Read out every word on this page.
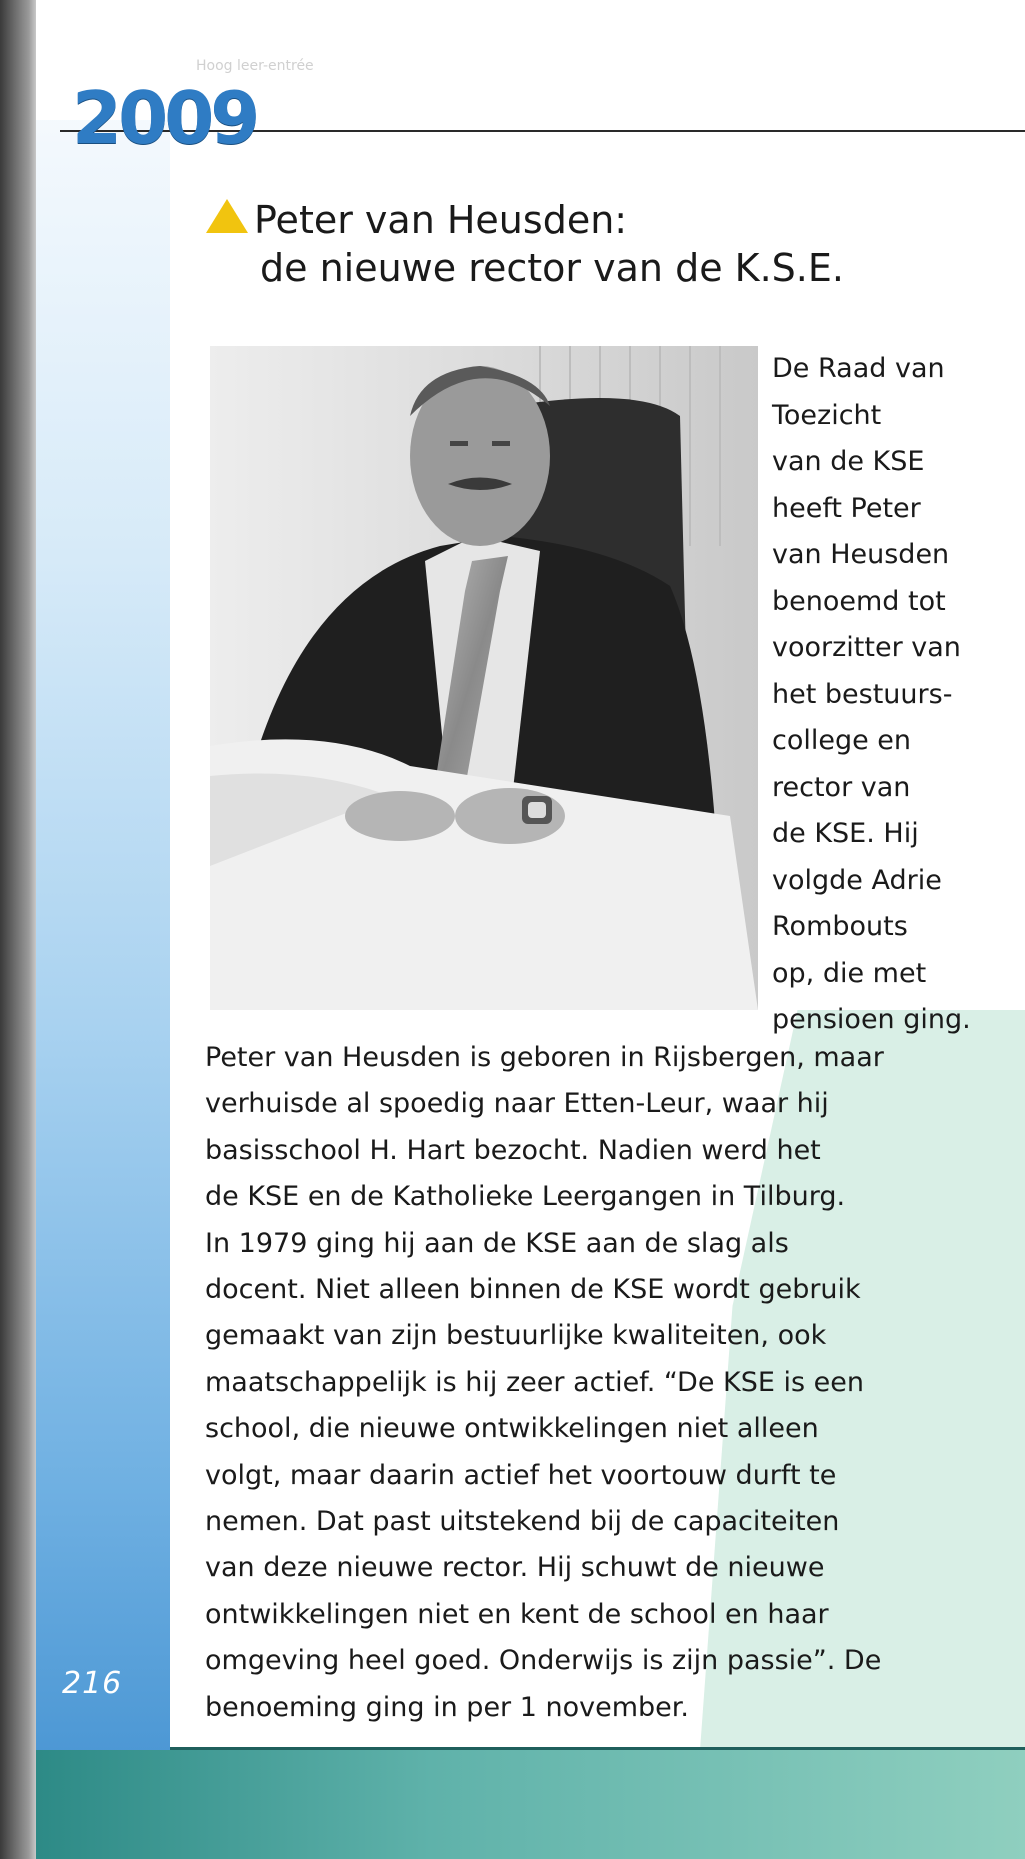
Hoog leer-entrée
2009
Peter van Heusden:
de nieuwe rector van de K.S.E.
De Raad van
Toezicht
van de KSE
heeft Peter
van Heusden
benoemd tot
voorzitter van
het bestuurs-
college en
rector van
de KSE. Hij
volgde Adrie
Rombouts
op, die met
pensioen ging.
Peter van Heusden is geboren in Rijsbergen, maar
verhuisde al spoedig naar Etten-Leur, waar hij
basisschool H. Hart bezocht. Nadien werd het
de KSE en de Katholieke Leergangen in Tilburg.
In 1979 ging hij aan de KSE aan de slag als
docent. Niet alleen binnen de KSE wordt gebruik
gemaakt van zijn bestuurlijke kwaliteiten, ook
maatschappelijk is hij zeer actief. “De KSE is een
school, die nieuwe ontwikkelingen niet alleen
volgt, maar daarin actief het voortouw durft te
nemen. Dat past uitstekend bij de capaciteiten
van deze nieuwe rector. Hij schuwt de nieuwe
ontwikkelingen niet en kent de school en haar
omgeving heel goed. Onderwijs is zijn passie”. De
benoeming ging in per 1 november.
216
